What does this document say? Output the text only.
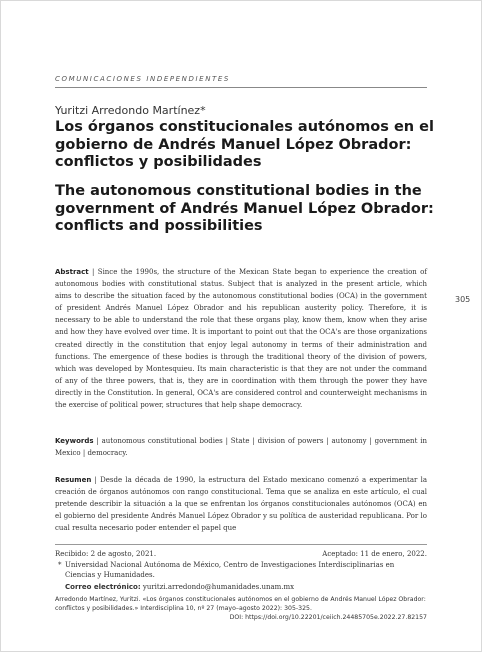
COMUNICACIONES INDEPENDIENTES
Yuritzi Arredondo Martínez*
Los órganos constitucionales autónomos en el gobierno de Andrés Manuel López Obrador: conflictos y posibilidades
The autonomous constitutional bodies in the government of Andrés Manuel López Obrador: conflicts and possibilities
305

Abstract | Since the 1990s, the structure of the Mexican State began to experience the creation of autonomous bodies with constitutional status. Subject that is analyzed in the present article, which aims to describe the situation faced by the autonomous constitutional bodies (OCA) in the government of president Andrés Manuel López Obrador and his republican austerity policy. Therefore, it is necessary to be able to understand the role that these organs play, know them, know when they arise and how they have evolved over time. It is important to point out that the OCA's are those organizations created directly in the constitution that enjoy legal autonomy in terms of their administration and functions. The emergence of these bodies is through the traditional theory of the division of powers, which was developed by Montesquieu. Its main characteristic is that they are not under the command of any of the three powers, that is, they are in coordination with them through the power they have directly in the Constitution. In general, OCA's are considered control and counterweight mechanisms in the exercise of political power, structures that help shape democracy.

Keywords | autonomous constitutional bodies | State | division of powers | autonomy | government in Mexico | democracy.

Resumen | Desde la década de 1990, la estructura del Estado mexicano comenzó a experimentar la creación de órganos autónomos con rango constitucional. Tema que se analiza en este artículo, el cual pretende describir la situación a la que se enfrentan los órganos constitucionales autónomos (OCA) en el gobierno del presidente Andrés Manuel López Obrador y su política de austeridad republicana. Por lo cual resulta necesario poder entender el papel que

Recibido: 2 de agosto, 2021.	Aceptado: 11 de enero, 2022.
* Universidad Nacional Autónoma de México, Centro de Investigaciones Interdisciplinarias en Ciencias y Humanidades.
Correo electrónico: yuritzi.arredondo@humanidades.unam.mx
Arredondo Martínez, Yuritzi. «Los órganos constitucionales autónomos en el gobierno de Andrés Manuel López Obrador: conflictos y posibilidades.» Interdisciplina 10, nº 27 (mayo–agosto 2022): 305-325.
DOI: https://doi.org/10.22201/ceiich.24485705e.2022.27.82157
